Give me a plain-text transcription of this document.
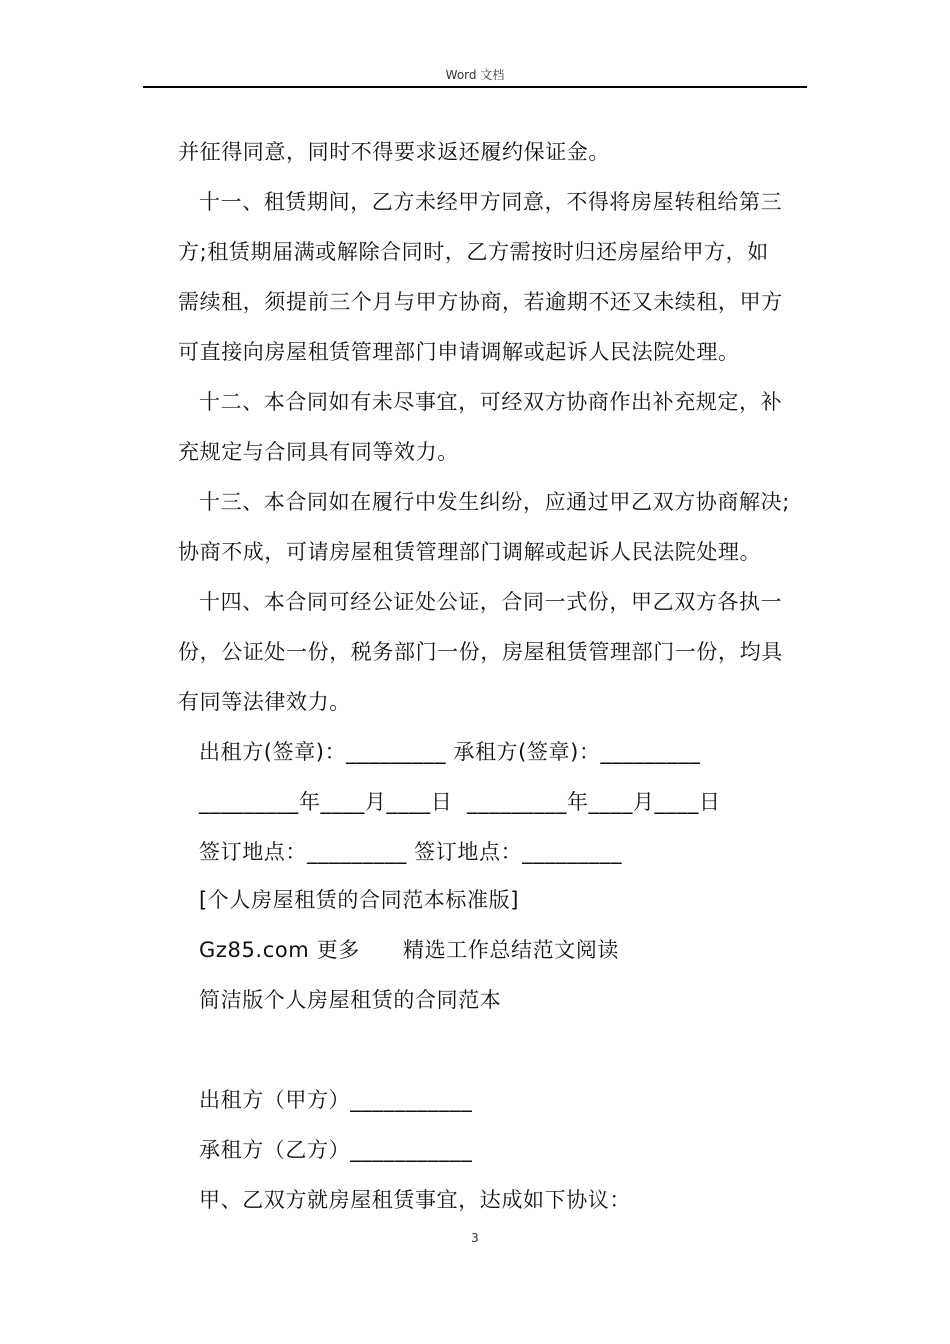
Word 文档
并征得同意，同时不得要求返还履约保证金。
十一、租赁期间，乙方未经甲方同意，不得将房屋转租给第三
方;租赁期届满或解除合同时，乙方需按时归还房屋给甲方，如
需续租，须提前三个月与甲方协商，若逾期不还又未续租，甲方
可直接向房屋租赁管理部门申请调解或起诉人民法院处理。
十二、本合同如有未尽事宜，可经双方协商作出补充规定，补
充规定与合同具有同等效力。
十三、本合同如在履行中发生纠纷，应通过甲乙双方协商解决;
协商不成，可请房屋租赁管理部门调解或起诉人民法院处理。
十四、本合同可经公证处公证，合同一式份，甲乙双方各执一
份，公证处一份，税务部门一份，房屋租赁管理部门一份，均具
有同等法律效力。
出租方(签章)：_________ 承租方(签章)：_________
_________年____月____日  _________年____月____日
签订地点：_________ 签订地点：_________
[个人房屋租赁的合同范本标准版]
Gz85.com 更多　　精选工作总结范文阅读
简洁版个人房屋租赁的合同范本
出租方（甲方）___________
承租方（乙方）___________
甲、乙双方就房屋租赁事宜，达成如下协议：
3
